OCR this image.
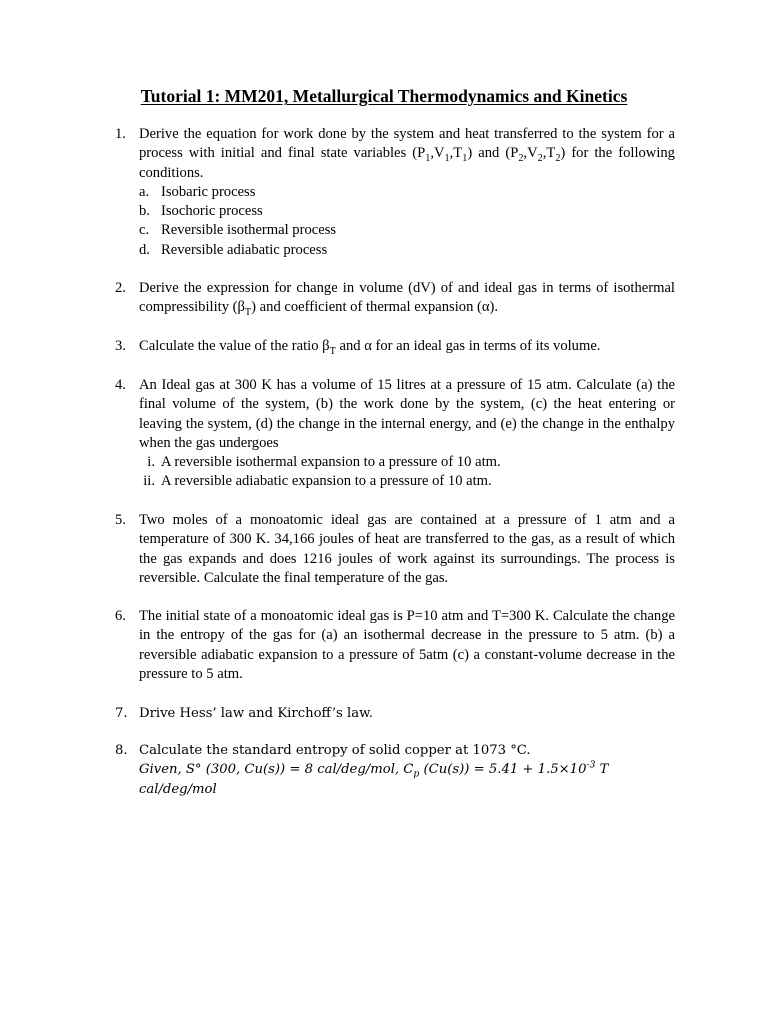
Tutorial 1: MM201, Metallurgical Thermodynamics and Kinetics
1. Derive the equation for work done by the system and heat transferred to the system for a process with initial and final state variables $(P_1,V_1,T_1)$ and $(P_2,V_2,T_2)$ for the following conditions.
a. Isobaric process
b. Isochoric process
c. Reversible isothermal process
d. Reversible adiabatic process
2. Derive the expression for change in volume (dV) of and ideal gas in terms of isothermal compressibility $(\beta_T)$ and coefficient of thermal expansion (α).
3. Calculate the value of the ratio $\beta_T$ and α for an ideal gas in terms of its volume.
4. An Ideal gas at 300 K has a volume of 15 litres at a pressure of 15 atm. Calculate (a) the final volume of the system, (b) the work done by the system, (c) the heat entering or leaving the system, (d) the change in the internal energy, and (e) the change in the enthalpy when the gas undergoes
i. A reversible isothermal expansion to a pressure of 10 atm.
ii. A reversible adiabatic expansion to a pressure of 10 atm.
5. Two moles of a monoatomic ideal gas are contained at a pressure of 1 atm and a temperature of 300 K. 34,166 joules of heat are transferred to the gas, as a result of which the gas expands and does 1216 joules of work against its surroundings. The process is reversible. Calculate the final temperature of the gas.
6. The initial state of a monoatomic ideal gas is P=10 atm and T=300 K. Calculate the change in the entropy of the gas for (a) an isothermal decrease in the pressure to 5 atm. (b) a reversible adiabatic expansion to a pressure of 5atm (c) a constant-volume decrease in the pressure to 5 atm.
7. Drive Hess’ law and Kirchoff’s law.
8. Calculate the standard entropy of solid copper at 1073 °C.
Given, S° (300, Cu(s)) = 8 cal/deg/mol, $C_p$ $(Cu(s)) = 5.41 + 1.5\times 10^{-3}$ T cal/deg/mol
